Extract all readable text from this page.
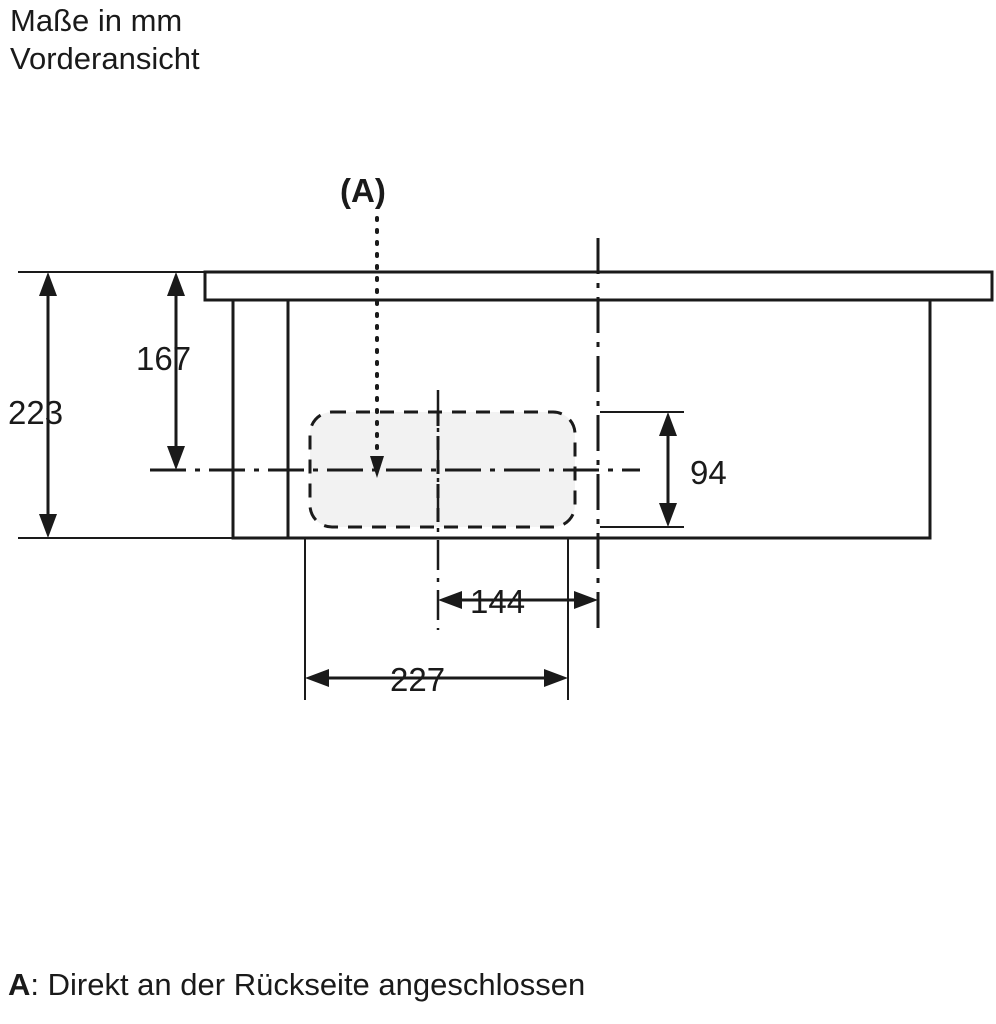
Maße in mm
Vorderansicht
(A)
223
167
94
144
227
A: Direkt an der Rückseite angeschlossen
